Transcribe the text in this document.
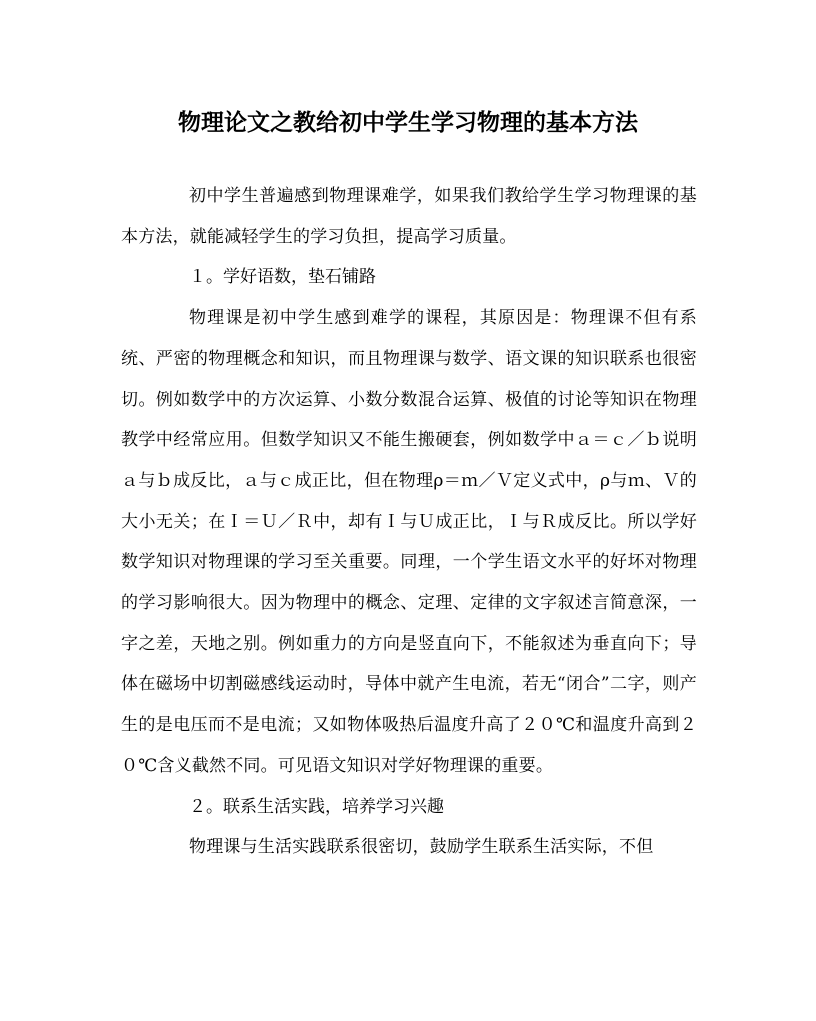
物理论文之教给初中学生学习物理的基本方法

初中学生普遍感到物理课难学，如果我们教给学生学习物理课的基本方法，就能减轻学生的学习负担，提高学习质量。

１。学好语数，垫石铺路

物理课是初中学生感到难学的课程，其原因是：物理课不但有系统、严密的物理概念和知识，而且物理课与数学、语文课的知识联系也很密切。例如数学中的方次运算、小数分数混合运算、极值的讨论等知识在物理教学中经常应用。但数学知识又不能生搬硬套，例如数学中ａ＝ｃ／ｂ说明ａ与ｂ成反比，ａ与ｃ成正比，但在物理ρ＝ｍ／Ｖ定义式中，ρ与ｍ、Ｖ的大小无关；在Ｉ＝Ｕ／Ｒ中，却有Ｉ与Ｕ成正比，Ｉ与Ｒ成反比。所以学好数学知识对物理课的学习至关重要。同理，一个学生语文水平的好坏对物理的学习影响很大。因为物理中的概念、定理、定律的文字叙述言简意深，一字之差，天地之别。例如重力的方向是竖直向下，不能叙述为垂直向下；导体在磁场中切割磁感线运动时，导体中就产生电流，若无“闭合”二字，则产生的是电压而不是电流；又如物体吸热后温度升高了２０℃和温度升高到２０℃含义截然不同。可见语文知识对学好物理课的重要。

２。联系生活实践，培养学习兴趣

物理课与生活实践联系很密切，鼓励学生联系生活实际，不但
